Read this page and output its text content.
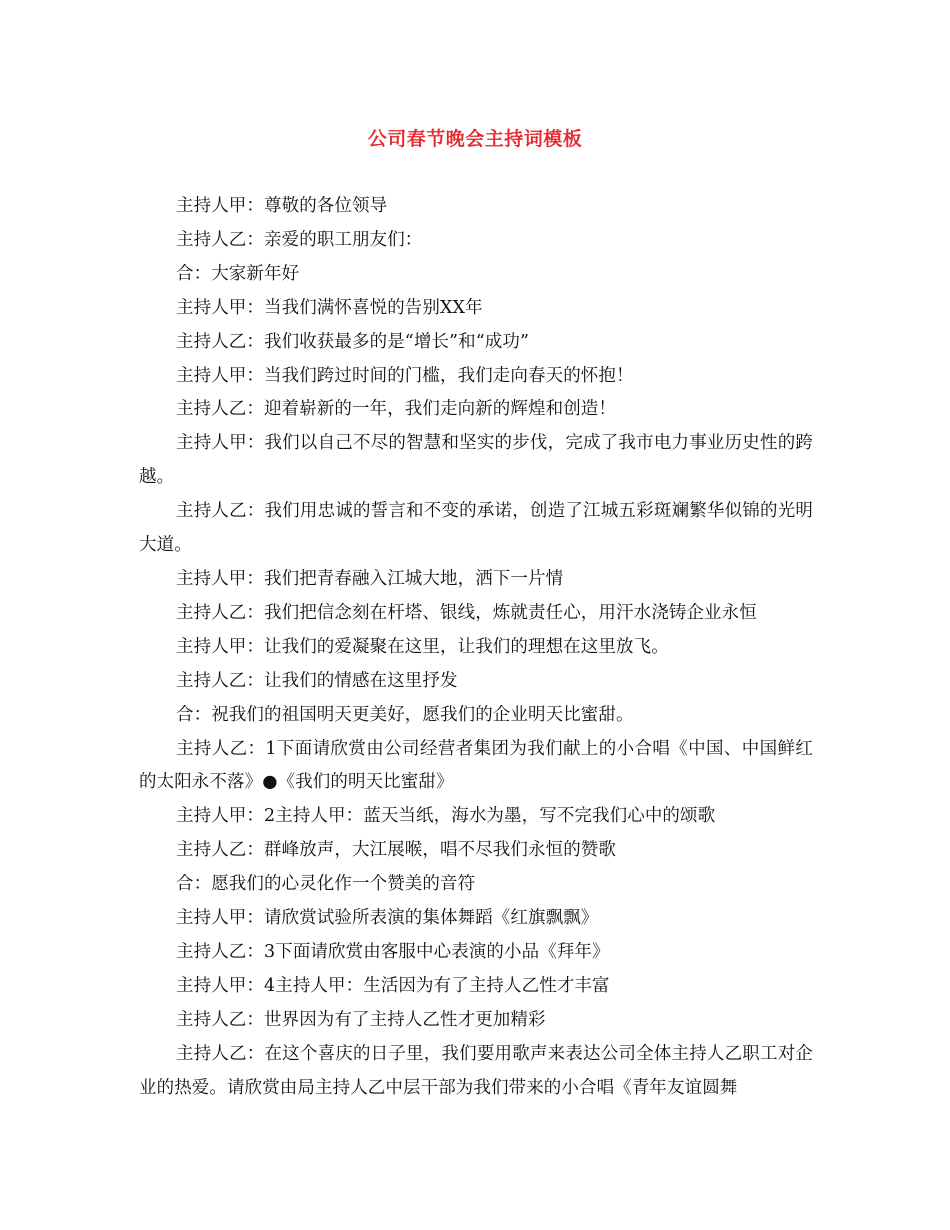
公司春节晚会主持词模板

主持人甲：尊敬的各位领导

主持人乙：亲爱的职工朋友们：

合：大家新年好

主持人甲：当我们满怀喜悦的告别XX年

主持人乙：我们收获最多的是“增长”和“成功”

主持人甲：当我们跨过时间的门槛，我们走向春天的怀抱！

主持人乙：迎着崭新的一年，我们走向新的辉煌和创造！

主持人甲：我们以自己不尽的智慧和坚实的步伐，完成了我市电力事业历史性的跨越。

主持人乙：我们用忠诚的誓言和不变的承诺，创造了江城五彩斑斓繁华似锦的光明大道。

主持人甲：我们把青春融入江城大地，洒下一片情

主持人乙：我们把信念刻在杆塔、银线，炼就责任心，用汗水浇铸企业永恒

主持人甲：让我们的爱凝聚在这里，让我们的理想在这里放飞。

主持人乙：让我们的情感在这里抒发

合：祝我们的祖国明天更美好，愿我们的企业明天比蜜甜。

主持人乙：1下面请欣赏由公司经营者集团为我们献上的小合唱《中国、中国鲜红的太阳永不落》●《我们的明天比蜜甜》

主持人甲：2主持人甲：蓝天当纸，海水为墨，写不完我们心中的颂歌

主持人乙：群峰放声，大江展喉，唱不尽我们永恒的赞歌

合：愿我们的心灵化作一个赞美的音符

主持人甲：请欣赏试验所表演的集体舞蹈《红旗飘飘》

主持人乙：3下面请欣赏由客服中心表演的小品《拜年》

主持人甲：4主持人甲：生活因为有了主持人乙性才丰富

主持人乙：世界因为有了主持人乙性才更加精彩

主持人乙：在这个喜庆的日子里，我们要用歌声来表达公司全体主持人乙职工对企业的热爱。请欣赏由局主持人乙中层干部为我们带来的小合唱《青年友谊圆舞
